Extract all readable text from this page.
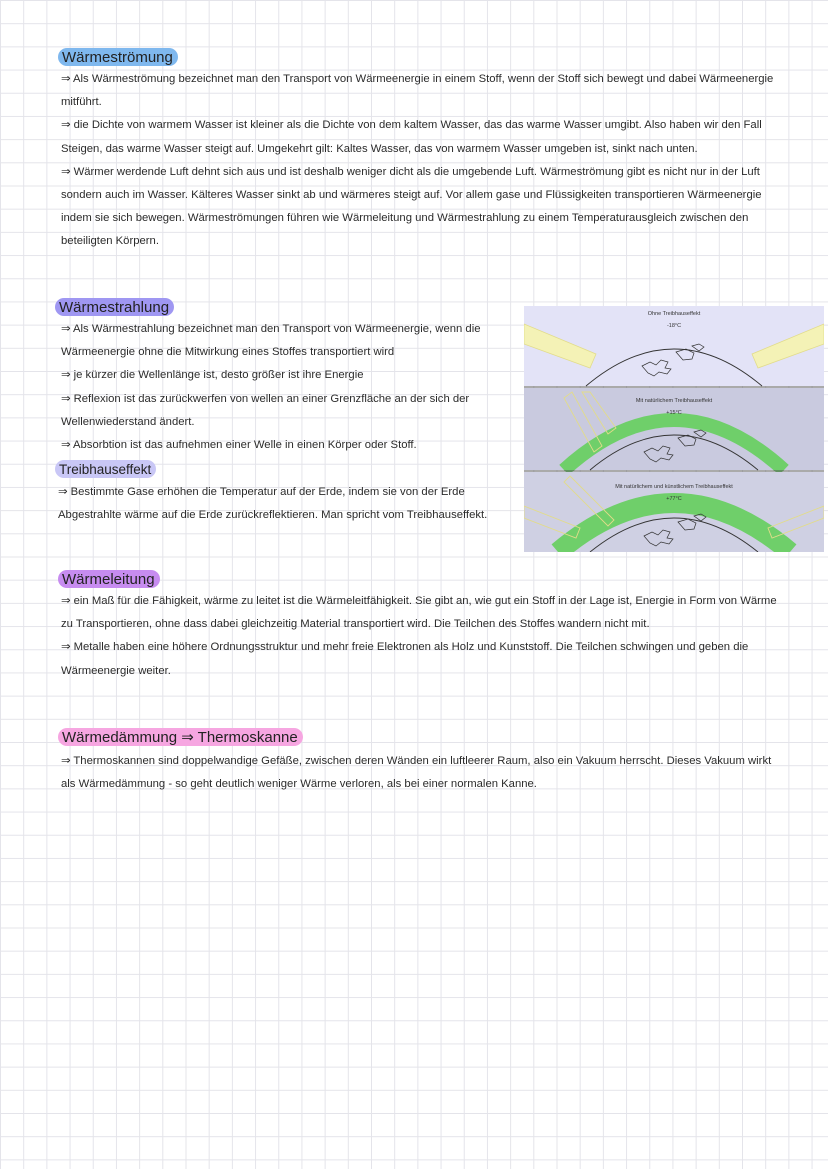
Wärmeströmung

⇒ Als Wärmeströmung bezeichnet man den Transport von Wärmeenergie in einem Stoff, wenn der Stoff sich bewegt und dabei Wärmeenergie mitführt.

⇒ die Dichte von warmem Wasser ist kleiner als die Dichte von dem kaltem Wasser, das das warme Wasser umgibt. Also haben wir den Fall Steigen, das warme Wasser steigt auf. Umgekehrt gilt: Kaltes Wasser, das von warmem Wasser umgeben ist, sinkt nach unten.

⇒ Wärmer werdende Luft dehnt sich aus und ist deshalb weniger dicht als die umgebende Luft. Wärmeströmung gibt es nicht nur in der Luft sondern auch im Wasser. Kälteres Wasser sinkt ab und wärmeres steigt auf. Vor allem gase und Flüssigkeiten transportieren Wärmeenergie indem sie sich bewegen. Wärmeströmungen führen wie Wärmeleitung und Wärmestrahlung zu einem Temperaturausgleich zwischen den beteiligten Körpern.

Wärmestrahlung

⇒ Als Wärmestrahlung bezeichnet man den Transport von Wärmeenergie, wenn die Wärmeenergie ohne die Mitwirkung eines Stoffes transportiert wird

⇒ je kürzer die Wellenlänge ist, desto größer ist ihre Energie

⇒ Reflexion ist das zurückwerfen von wellen an einer Grenzfläche an der sich der Wellenwiederstand ändert.

⇒ Absorbtion ist das aufnehmen einer Welle in einen Körper oder Stoff.

Treibhauseffekt

⇒ Bestimmte Gase erhöhen die Temperatur auf der Erde, indem sie von der Erde Abgestrahlte wärme auf die Erde zurückreflektieren. Man spricht vom Treibhauseffekt.

Ohne Treibhauseffekt
-18°C
Mit natürlichem Treibhauseffekt
+15°C
Mit natürlichem und künstlichem Treibhauseffekt
+77°C
Wärmeleitung

⇒ ein Maß für die Fähigkeit, wärme zu leitet ist die Wärmeleitfähigkeit. Sie gibt an, wie gut ein Stoff in der Lage ist, Energie in Form von Wärme zu Transportieren, ohne dass dabei gleichzeitig Material transportiert wird. Die Teilchen des Stoffes wandern nicht mit.

⇒ Metalle haben eine höhere Ordnungsstruktur und mehr freie Elektronen als Holz und Kunststoff. Die Teilchen schwingen und geben die Wärmeenergie weiter.

Wärmedämmung ⇒ Thermoskanne

⇒ Thermoskannen sind doppelwandige Gefäße, zwischen deren Wänden ein luftleerer Raum, also ein Vakuum herrscht. Dieses Vakuum wirkt als Wärmedämmung - so geht deutlich weniger Wärme verloren, als bei einer normalen Kanne.
